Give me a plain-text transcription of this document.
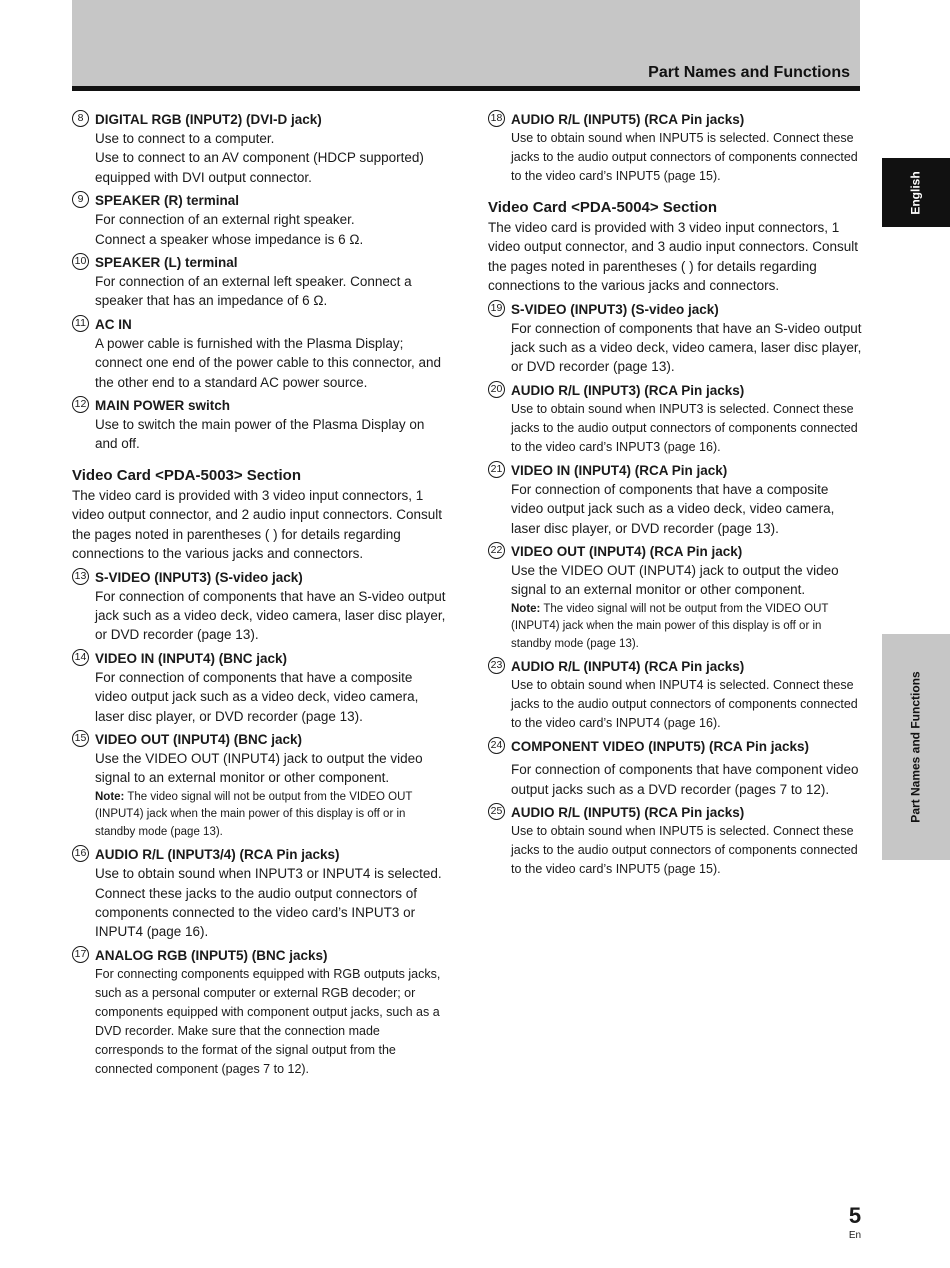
Part Names and Functions
English
Part Names and Functions
8 DIGITAL RGB (INPUT2) (DVI-D jack)
Use to connect to a computer.
Use to connect to an AV component (HDCP supported) equipped with DVI output connector.
9 SPEAKER (R) terminal
For connection of an external right speaker.
Connect a speaker whose impedance is 6 Ω.
10 SPEAKER (L) terminal
For connection of an external left speaker. Connect a speaker that has an impedance of 6 Ω.
11 AC IN
A power cable is furnished with the Plasma Display; connect one end of the power cable to this connector, and the other end to a standard AC power source.
12 MAIN POWER switch
Use to switch the main power of the Plasma Display on and off.
Video Card <PDA-5003> Section
The video card is provided with 3 video input connectors, 1 video output connector, and 2 audio input connectors. Consult the pages noted in parentheses ( ) for details regarding connections to the various jacks and connectors.
13 S-VIDEO (INPUT3) (S-video jack)
For connection of components that have an S-video output jack such as a video deck, video camera, laser disc player, or DVD recorder (page 13).
14 VIDEO IN (INPUT4) (BNC jack)
For connection of components that have a composite video output jack such as a video deck, video camera, laser disc player, or DVD recorder (page 13).
15 VIDEO OUT (INPUT4) (BNC jack)
Use the VIDEO OUT (INPUT4) jack to output the video signal to an external monitor or other component.
Note: The video signal will not be output from the VIDEO OUT (INPUT4) jack when the main power of this display is off or in standby mode (page 13).
16 AUDIO R/L (INPUT3/4) (RCA Pin jacks)
Use to obtain sound when INPUT3 or INPUT4 is selected. Connect these jacks to the audio output connectors of components connected to the video card’s INPUT3 or INPUT4 (page 16).
17 ANALOG RGB (INPUT5) (BNC jacks)
For connecting components equipped with RGB outputs jacks, such as a personal computer or external RGB decoder; or components equipped with component output jacks, such as a DVD recorder. Make sure that the connection made corresponds to the format of the signal output from the connected component (pages 7 to 12).
18 AUDIO R/L (INPUT5) (RCA Pin jacks)
Use to obtain sound when INPUT5 is selected. Connect these jacks to the audio output connectors of components connected to the video card’s INPUT5 (page 15).
Video Card <PDA-5004> Section
The video card is provided with 3 video input connectors, 1 video output connector, and 3 audio input connectors. Consult the pages noted in parentheses ( ) for details regarding connections to the various jacks and connectors.
19 S-VIDEO (INPUT3) (S-video jack)
For connection of components that have an S-video output jack such as a video deck, video camera, laser disc player, or DVD recorder (page 13).
20 AUDIO R/L (INPUT3) (RCA Pin jacks)
Use to obtain sound when INPUT3 is selected. Connect these jacks to the audio output connectors of components connected to the video card’s INPUT3 (page 16).
21 VIDEO IN (INPUT4) (RCA Pin jack)
For connection of components that have a composite video output jack such as a video deck, video camera, laser disc player, or DVD recorder (page 13).
22 VIDEO OUT (INPUT4) (RCA Pin jack)
Use the VIDEO OUT (INPUT4) jack to output the video signal to an external monitor or other component.
Note: The video signal will not be output from the VIDEO OUT (INPUT4) jack when the main power of this display is off or in standby mode (page 13).
23 AUDIO R/L (INPUT4) (RCA Pin jacks)
Use to obtain sound when INPUT4 is selected. Connect these jacks to the audio output connectors of components connected to the video card’s INPUT4 (page 16).
24 COMPONENT VIDEO (INPUT5) (RCA Pin jacks)
For connection of components that have component video output jacks such as a DVD recorder (pages 7 to 12).
25 AUDIO R/L (INPUT5) (RCA Pin jacks)
Use to obtain sound when INPUT5 is selected. Connect these jacks to the audio output connectors of components connected to the video card’s INPUT5 (page 15).
5
En
